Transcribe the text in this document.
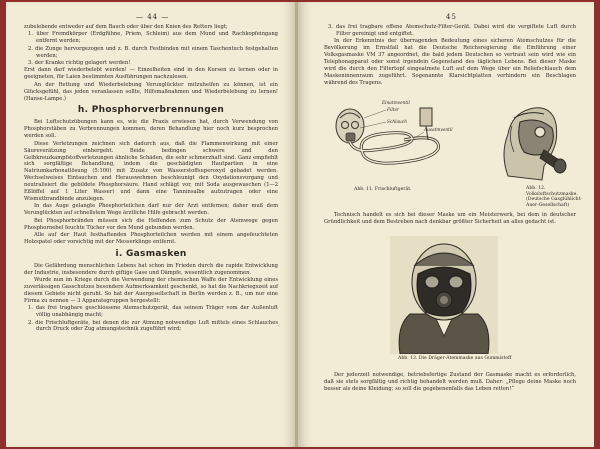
— 44 —

zubelebende entweder auf dem Bauch oder über den Knien des Retters liegt;

1. über Fremdkörper (Erdgfühne, Priem, Schleim) aus dem Mund und Rachkopfeingang entfernt werden;

2. die Zunge hervorgezogen und z. B. durch Festbinden mit einem Taschentuch festgehalten werden;

3. der Kranke richtig gelagert werden!

Erst dann darf wiederbelebt werden! — Einzelheiten sind in den Kursen zu lernen oder in geeigneten, für Laien bestimmten Ausführungen nachzulesen.

An der Rettung und Wiederbelebung Verunglückter mitzuhelfen zu können, ist ein Glücksgefühl, das jeden veranlassen sollte, Hilfsmaßnahmen und Wiederbelebung zu lernen! (Hanse-Lampe.)

h. Phosphorverbrennungen

Bei Luftschutzübungen kann es, wie die Praxis erwiesen hat, durch Verwendung von Phosphorstäben zu Verbrennungen kommen, deren Behandlung hier noch kurz besprochen werden soll.

Diese Verletzungen zeichnen sich dadurch aus, daß die Flammenwirkung mit einer Säureverätzung einhergeht. Beide bedingen schwere und den Gelbkreuzkampfstoffverletzungen ähnliche Schäden, die sehr schmerzhaft sind. Ganz empfiehlt sich sorgfältige Behandlung, indem die geschädigten Hautpartien in eine Natriumkarbonatlösung (5:100) mit Zusatz von Wasserstoffsuperoxyd gebadet werden. Wechselweises Eintauchen und Herauswehmen beschleunigt den Oxydationsvorgang und neutralisiert die gebildete Phosphorsäure. Hand schlägt vor, mit Soda ausgewaschen (1—2 Eßlöffel auf 1 Liter Wasser) und dann eine Tanninsalbe aufzutragen oder eine Wismutbrandbinde anzulegen.

In das Auge gelangte Phosphorteilchen darf nur der Arzt entfernen; daher muß dem Verunglückten auf schnellstem Wege ärztliche Hilfe gebracht werden.

Bei Phosphorbränden müssen sich die Helfenden zum Schutz der Atemwege gegen Phosphornebel feuchte Tücher vor den Mund gebunden werden.

Alle auf der Haut festhaftenden Phosphorteilchen werden mit einem angefeuchteten Holzspatel oder vorsichtig mit der Messerklinge entfernt.

i. Gasmasken

Die Gefährdung menschlichen Lebens hat schon im Frieden durch die rapide Entwicklung der Industrie, insbesondere durch giftige Gase und Dämpfe, wesentlich zugenommen.

Wurde nun im Kriege durch die Verwendung der chemischen Waffe der Entwicklung eines zuverlässigen Gasschutzes besondere Aufmerksamkeit geschenkt, so hat die Nachkriegszeit auf diesem Gebiete nicht geruht. So hat der Auergesellschaft in Berlin werden z. B., um nur eine Firma zu nennen — 3 Apparategruppen hergestellt:

1. das frei tragbare geschlossene Atemschutzgerät, das seinem Träger vom der Außenluft völlig unabhängig macht;

2. die Frischluftgeräte, bei denen die zur Atmung notwendige Luft mittels eines Schlauches durch Druck oder Zug atmungstechnik zugeführt wird;

45

3. das frei tragbare offene Atemschutz-Filter-Gerät. Dabei wird die vergiftete Luft durch Filter gereinigt und entgiftet.

In der Erkenntnis der überragenden Bedeutung eines sicheren Atemschutzes für die Bevölkerung im Ernstfall hat die Deutsche Reichsregierung die Einführung einer Volksgasmaske VM 37 angeordnet, die bald jedem Deutschen so vertraut sein wird wie ein Telephonapparat oder sonst irgendein Gegenstand des täglichen Lebens. Bei dieser Maske wird die durch den Filtertopf eingeatmete Luft auf dem Wege über ein Reliefschlauch dem Maskeninnenraum zugeführt. Sogenannte Klarsichtplatten verhindern ein Beschlagen während des Tragens.

Filter
Schlauch
Einatmventil
Ausatmventil
Abb. 11. Frischluftgerät.	Abb. 12. Volksluftschutzmaske. (Deutsche Gasglühlicht-Auer-Gesellschaft)

Technisch handelt es sich bei dieser Maske um ein Meisterwerk, bei dem in deutscher Gründlichkeit und dem Bestreben nach denkbar größter Sicherheit an alles gedacht ist.

Abb. 13. Die Dräger-Atemmaske aus Gummistoff

Der jederzeit notwendige, betriebsfertige Zustand der Gasmaske macht es erforderlich, daß sie stets sorgfältig und richtig behandelt werden muß. Daher: „Pflege deine Maske noch besser als deine Kleidung; so soll die gegebenenfalls das Leben retten!“
